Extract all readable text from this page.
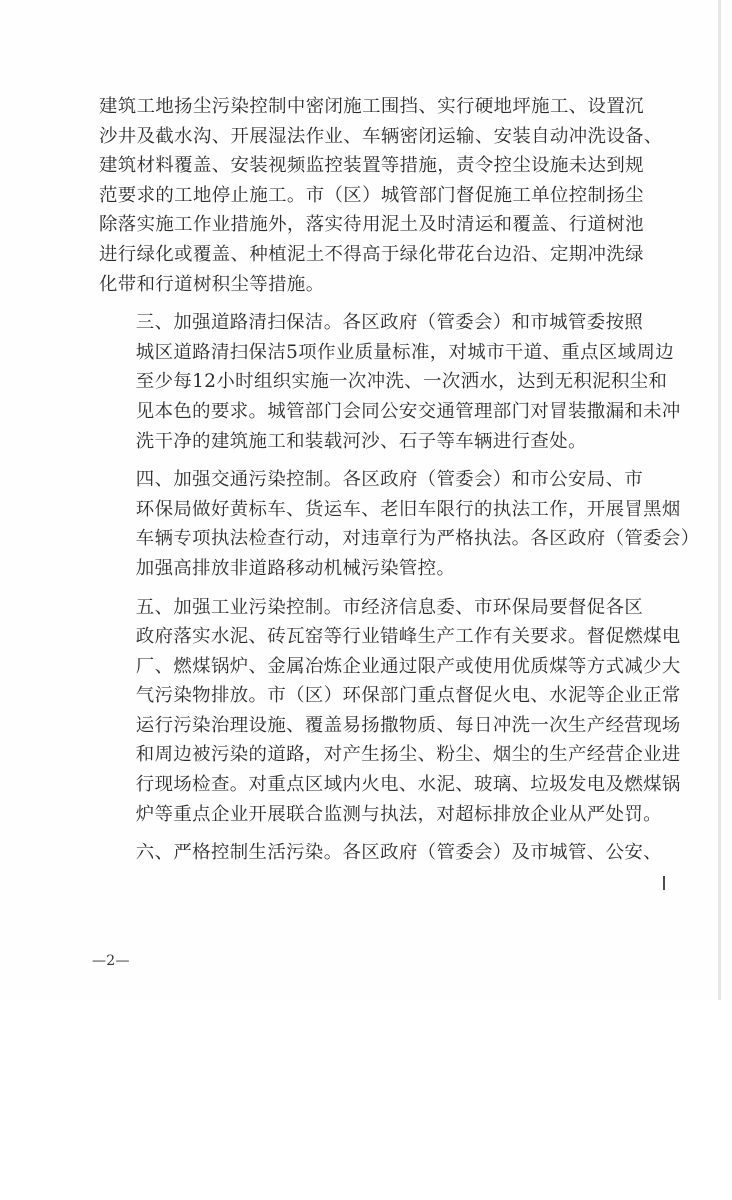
建筑工地扬尘污染控制中密闭施工围挡、实行硬地坪施工、设置沉
沙井及截水沟、开展湿法作业、车辆密闭运输、安装自动冲洗设备、
建筑材料覆盖、安装视频监控装置等措施，责令控尘设施未达到规
范要求的工地停止施工。市（区）城管部门督促施工单位控制扬尘
除落实施工作业措施外，落实待用泥土及时清运和覆盖、行道树池
进行绿化或覆盖、种植泥土不得高于绿化带花台边沿、定期冲洗绿
化带和行道树积尘等措施。

三、加强道路清扫保洁。各区政府（管委会）和市城管委按照
城区道路清扫保洁5项作业质量标准，对城市干道、重点区域周边
至少每12小时组织实施一次冲洗、一次洒水，达到无积泥积尘和
见本色的要求。城管部门会同公安交通管理部门对冒装撒漏和未冲
洗干净的建筑施工和装载河沙、石子等车辆进行查处。

四、加强交通污染控制。各区政府（管委会）和市公安局、市
环保局做好黄标车、货运车、老旧车限行的执法工作，开展冒黑烟
车辆专项执法检查行动，对违章行为严格执法。各区政府（管委会）
加强高排放非道路移动机械污染管控。

五、加强工业污染控制。市经济信息委、市环保局要督促各区
政府落实水泥、砖瓦窑等行业错峰生产工作有关要求。督促燃煤电
厂、燃煤锅炉、金属冶炼企业通过限产或使用优质煤等方式减少大
气污染物排放。市（区）环保部门重点督促火电、水泥等企业正常
运行污染治理设施、覆盖易扬撒物质、每日冲洗一次生产经营现场
和周边被污染的道路，对产生扬尘、粉尘、烟尘的生产经营企业进
行现场检查。对重点区域内火电、水泥、玻璃、垃圾发电及燃煤锅
炉等重点企业开展联合监测与执法，对超标排放企业从严处罚。

六、严格控制生活污染。各区政府（管委会）及市城管、公安、

—2—
